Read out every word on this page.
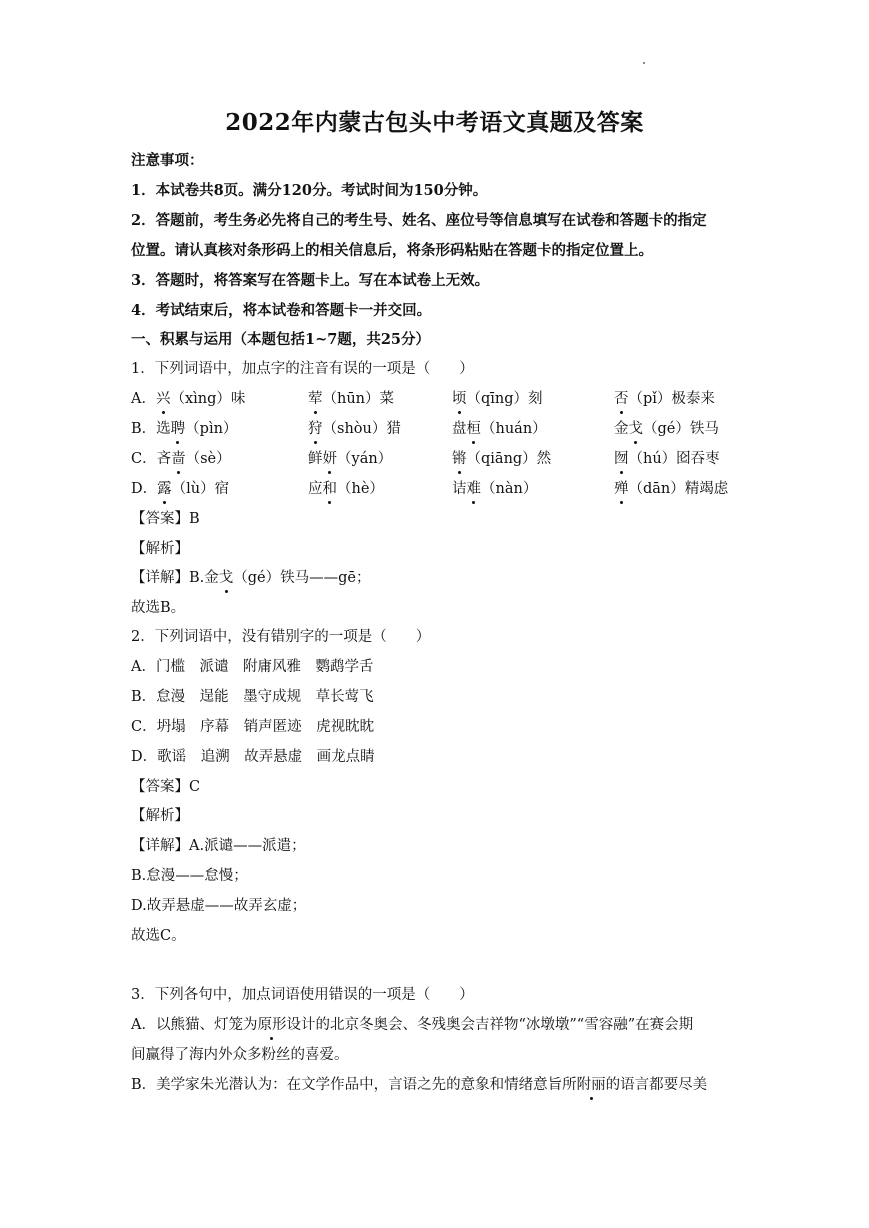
2022年内蒙古包头中考语文真题及答案
注意事项：
1．本试卷共8页。满分120分。考试时间为150分钟。
2．答题前，考生务必先将自己的考生号、姓名、座位号等信息填写在试卷和答题卡的指定
位置。请认真核对条形码上的相关信息后，将条形码粘贴在答题卡的指定位置上。
3．答题时，将答案写在答题卡上。写在本试卷上无效。
4．考试结束后，将本试卷和答题卡一并交回。
一、积累与运用（本题包括1~7题，共25分）
1．下列词语中，加点字的注音有误的一项是（　　）
A．兴（xìng）味	荤（hūn）菜	顷（qīng）刻	否（pǐ）极泰来
B．选聘（pìn）	狩（shòu）猎	盘桓（huán）	金戈（gé）铁马
C．吝啬（sè）	鲜妍（yán）	锵（qiāng）然	囫（hú）囵吞枣
D．露（lù）宿	应和（hè）	诘难（nàn）	殚（dān）精竭虑
【答案】B
【解析】
【详解】B.金戈（gé）铁马——gē；
故选B。
2．下列词语中，没有错别字的一项是（　　）
A．门槛　派谴　附庸风雅　鹦鹉学舌
B．怠漫　逞能　墨守成规　草长莺飞
C．坍塌　序幕　销声匿迹　虎视眈眈
D．歌谣　追溯　故弄悬虚　画龙点睛
【答案】C
【解析】
【详解】A.派谴——派遣；
B.怠漫——怠慢；
D.故弄悬虚——故弄玄虚；
故选C。
3．下列各句中，加点词语使用错误的一项是（　　）
A．以熊猫、灯笼为原形设计的北京冬奥会、冬残奥会吉祥物“冰墩墩”“雪容融”在赛会期
间赢得了海内外众多粉丝的喜爱。
B．美学家朱光潜认为：在文学作品中，言语之先的意象和情绪意旨所附丽的语言都要尽美
